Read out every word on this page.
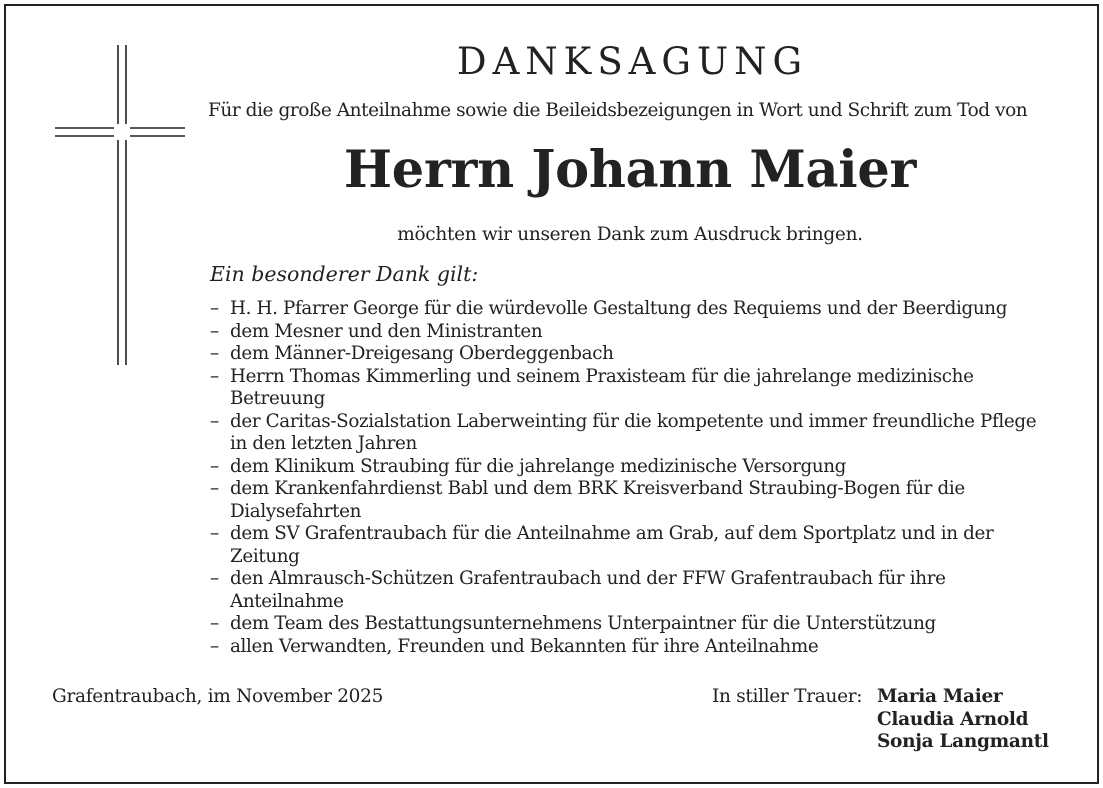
DANKSAGUNG
Für die große Anteilnahme sowie die Beileidsbezeigungen in Wort und Schrift zum Tod von
Herrn Johann Maier
möchten wir unseren Dank zum Ausdruck bringen.
Ein besonderer Dank gilt:
– H. H. Pfarrer George für die würdevolle Gestaltung des Requiems und der Beerdigung
– dem Mesner und den Ministranten
– dem Männer-Dreigesang Oberdeggenbach
– Herrn Thomas Kimmerling und seinem Praxisteam für die jahrelange medizinische Betreuung
– der Caritas-Sozialstation Laberweinting für die kompetente und immer freundliche Pflege in den letzten Jahren
– dem Klinikum Straubing für die jahrelange medizinische Versorgung
– dem Krankenfahrdienst Babl und dem BRK Kreisverband Straubing-Bogen für die Dialysefahrten
– dem SV Grafentraubach für die Anteilnahme am Grab, auf dem Sportplatz und in der Zeitung
– den Almrausch-Schützen Grafentraubach und der FFW Grafentraubach für ihre Anteilnahme
– dem Team des Bestattungsunternehmens Unterpaintner für die Unterstützung
– allen Verwandten, Freunden und Bekannten für ihre Anteilnahme
Grafentraubach, im November 2025	In stiller Trauer: Maria Maier
Claudia Arnold
Sonja Langmantl
